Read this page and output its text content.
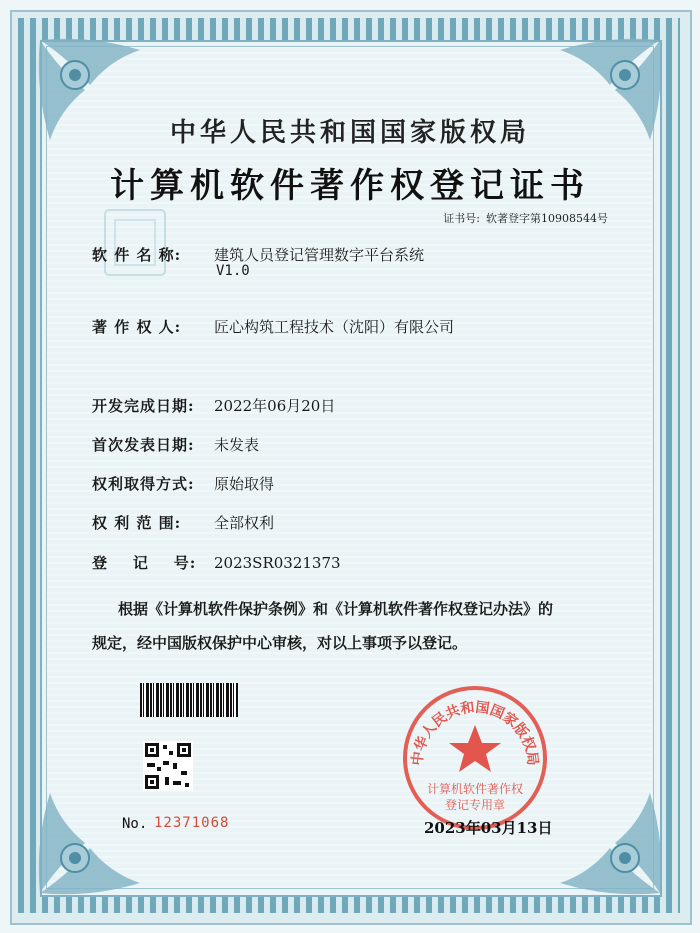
中华人民共和国国家版权局
计算机软件著作权登记证书
证书号: 软著登字第10908544号
软 件 名 称: 建筑人员登记管理数字平台系统
V1.0
著 作 权 人: 匠心构筑工程技术（沈阳）有限公司
开发完成日期: 2022年06月20日
首次发表日期: 未发表
权利取得方式: 原始取得
权 利 范 围: 全部权利
登    记    号: 2023SR0321373
根据《计算机软件保护条例》和《计算机软件著作权登记办法》的
规定，经中国版权保护中心审核，对以上事项予以登记。
No. 12371068
中华人民共和国国家版权局
计算机软件著作权
登记专用章
2023年03月13日
